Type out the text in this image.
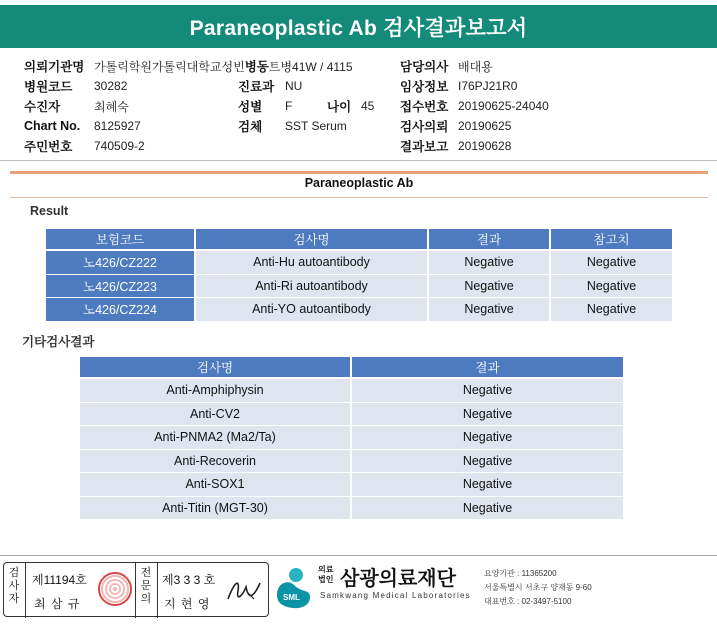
Paraneoplastic Ab 검사결과보고서
의뢰기관명 가톨릭학원가톨릭대학교성빈 병동 트병41W / 4115
병원코드	30282
수진자	최혜숙
Chart No.	8125927
주민번호	740509-2
진료과 NU
성별	F	나이 45
검체	SST Serum
담당의사 배대용
임상정보 I76PJ21R0
접수번호 20190625-24040
검사의뢰 20190625
결과보고 20190628
Paraneoplastic Ab
Result
보험코드	검사명	결과	참고치
노426/CZ222	Anti-Hu autoantibody	Negative	Negative
노426/CZ223	Anti-Ri autoantibody	Negative	Negative
노426/CZ224	Anti-YO autoantibody	Negative	Negative
기타검사결과
검사명	결과
Anti-Amphiphysin	Negative
Anti-CV2	Negative
Anti-PNMA2 (Ma2/Ta)	Negative
Anti-Recoverin	Negative
Anti-SOX1	Negative
Anti-Titin (MGT-30)	Negative
검사자
제11194호
최 삼 규
전문의
제3 3 3 호
지 현 영	SML
의료
법인 삼광의료재단
Samkwang Medical Laboratories
요양기관 : 11365200
서울특별시 서초구 양재동 9-60
대표번호 : 02-3497-5100
